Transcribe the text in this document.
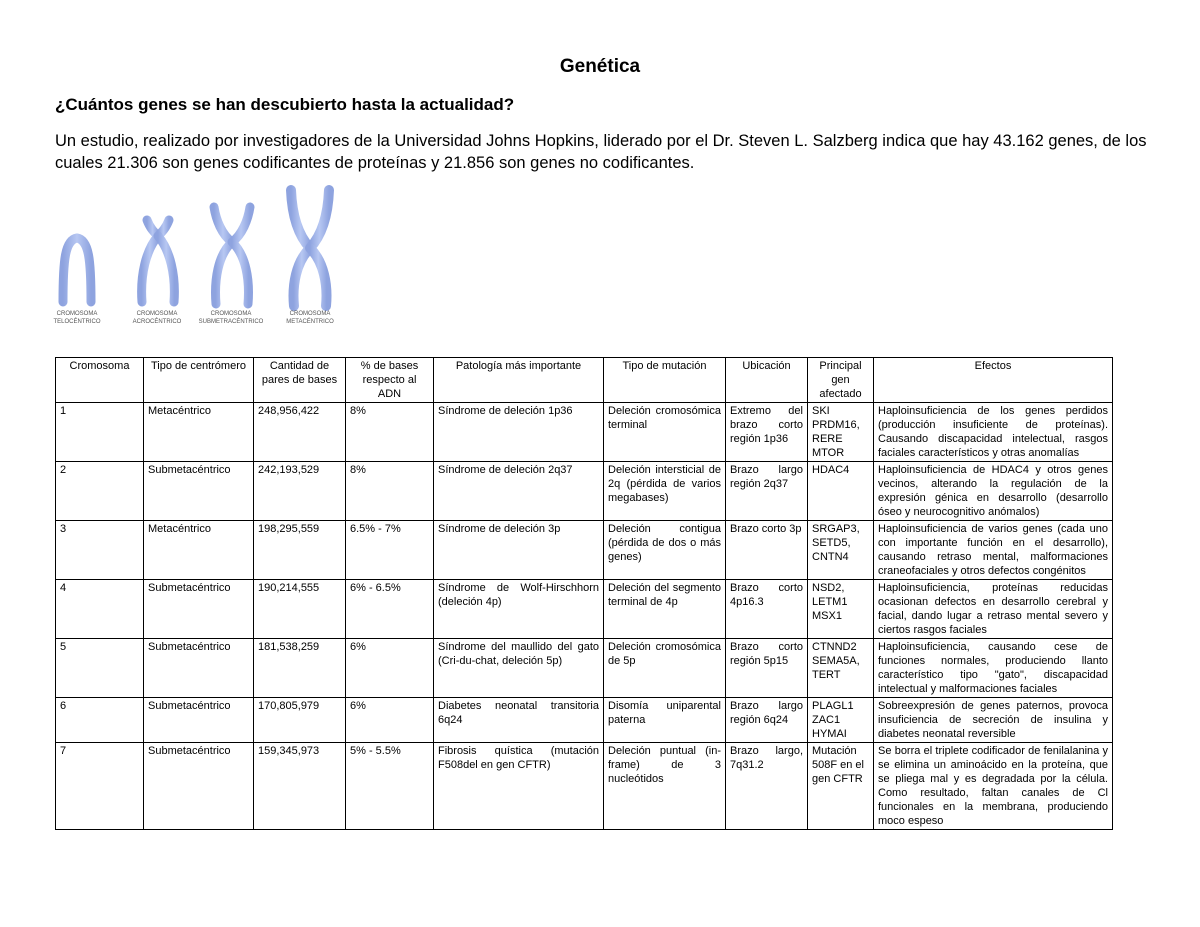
Genética
¿Cuántos genes se han descubierto hasta la actualidad?
Un estudio, realizado por investigadores de la Universidad Johns Hopkins, liderado por el Dr. Steven L. Salzberg indica que hay 43.162 genes, de los cuales 21.306 son genes codificantes de proteínas y 21.856 son genes no codificantes.
CROMOSOMA
TELOCÉNTRICO
CROMOSOMA
ACROCÉNTRICO
CROMOSOMA
SUBMETRACÉNTRICO
CROMOSOMA
METACÉNTRICO
Cromosoma	Tipo de centrómero	Cantidad de pares de bases	% de bases respecto al ADN	Patología más importante	Tipo de mutación	Ubicación	Principal gen afectado	Efectos
1	Metacéntrico	248,956,422	8%	Síndrome de deleción 1p36	Deleción cromosómica terminal	Extremo del brazo corto región 1p36	SKI PRDM16, RERE MTOR	Haploinsuficiencia de los genes perdidos (producción insuficiente de proteínas). Causando discapacidad intelectual, rasgos faciales característicos y otras anomalías
2	Submetacéntrico	242,193,529	8%	Síndrome de deleción 2q37	Deleción intersticial de 2q (pérdida de varios megabases)	Brazo largo región 2q37	HDAC4	Haploinsuficiencia de HDAC4 y otros genes vecinos, alterando la regulación de la expresión génica en desarrollo (desarrollo óseo y neurocognitivo anómalos)
3	Metacéntrico	198,295,559	6.5% - 7%	Síndrome de deleción 3p	Deleción contigua (pérdida de dos o más genes)	Brazo corto 3p	SRGAP3, SETD5, CNTN4	Haploinsuficiencia de varios genes (cada uno con importante función en el desarrollo), causando retraso mental, malformaciones craneofaciales y otros defectos congénitos
4	Submetacéntrico	190,214,555	6% - 6.5%	Síndrome de Wolf-Hirschhorn (deleción 4p)	Deleción del segmento terminal de 4p	Brazo corto 4p16.3	NSD2, LETM1 MSX1	Haploinsuficiencia, proteínas reducidas ocasionan defectos en desarrollo cerebral y facial, dando lugar a retraso mental severo y ciertos rasgos faciales
5	Submetacéntrico	181,538,259	6%	Síndrome del maullido del gato (Cri-du-chat, deleción 5p)	Deleción cromosómica de 5p	Brazo corto región 5p15	CTNND2 SEMA5A, TERT	Haploinsuficiencia, causando cese de funciones normales, produciendo llanto característico tipo "gato", discapacidad intelectual y malformaciones faciales
6	Submetacéntrico	170,805,979	6%	Diabetes neonatal transitoria 6q24	Disomía uniparental paterna	Brazo largo región 6q24	PLAGL1 ZAC1 HYMAI	Sobreexpresión de genes paternos, provoca insuficiencia de secreción de insulina y diabetes neonatal reversible
7	Submetacéntrico	159,345,973	5% - 5.5%	Fibrosis quística (mutación F508del en gen CFTR)	Deleción puntual (in-frame) de 3 nucleótidos	Brazo largo, 7q31.2	Mutación 508F en el gen CFTR	Se borra el triplete codificador de fenilalanina y se elimina un aminoácido en la proteína, que se pliega mal y es degradada por la célula. Como resultado, faltan canales de Cl funcionales en la membrana, produciendo moco espeso
